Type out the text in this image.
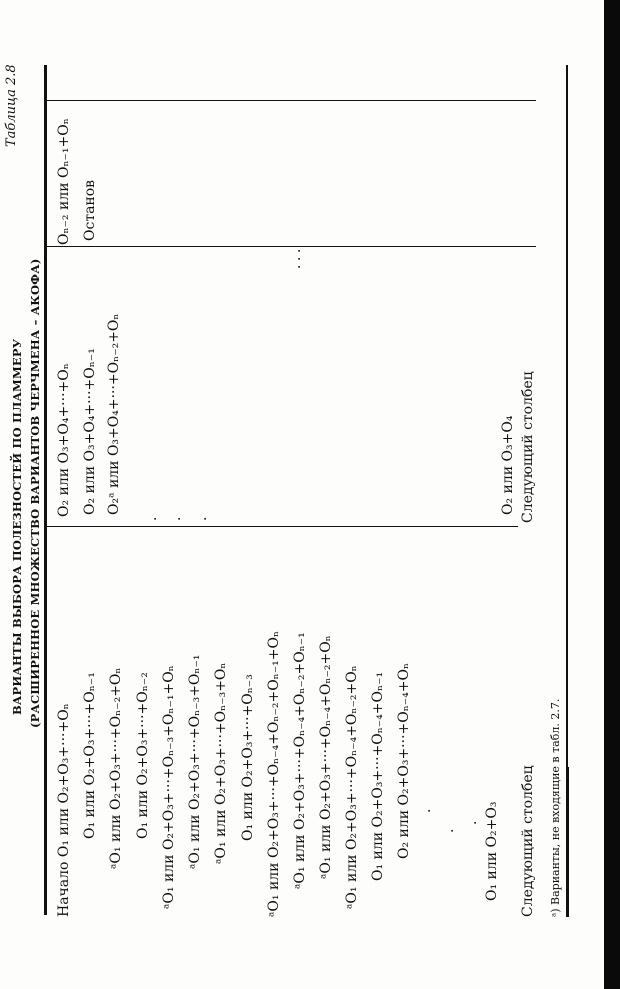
Таблица 2.8
ВАРИАНТЫ ВЫБОРА ПОЛЕЗНОСТЕЙ ПО ПЛАММЕРУ (РАСШИРЕННОЕ МНОЖЕСТВО ВАРИАНТОВ ЧЕРЧМЕНА – АКОФА)
Начало O₁ или O₂+O₃+···+Oₙ O₁ или O₂+O₃+···+Oₙ₋₁ ᵃO₁ или O₂+O₃+···+Oₙ₋₂+Oₙ O₁ или O₂+O₃+···+Oₙ₋₂ ᵃO₁ или O₂+O₃+···+Oₙ₋₃+Oₙ₋₁+Oₙ ᵃO₁ или O₂+O₃+···+Oₙ₋₃+Oₙ₋₁ ᵃO₁ или O₂+O₃+···+Oₙ₋₃+Oₙ O₁ или O₂+O₃+···+Oₙ₋₃ ᵃO₁ или O₂+O₃+···+Oₙ₋₄+Oₙ₋₂+Oₙ₋₁+Oₙ ᵃO₁ или O₂+O₃+···+Oₙ₋₄+Oₙ₋₂+Oₙ₋₁ ᵃO₁ или O₂+O₃+···+Oₙ₋₄+Oₙ₋₂+Oₙ ᵃO₁ или O₂+O₃+···+Oₙ₋₄+Oₙ₋₂+Oₙ O₁ или O₂+O₃+···+Oₙ₋₄+Oₙ₋₁ O₂ или O₂+O₃+···+Oₙ₋₄+Oₙ ·
·
· O₁ или O₂+O₃ Следующий столбец
O₂ или O₃+O₄+···+Oₙ O₂ или O₃+O₄+···+Oₙ₋₁ O₂ᵃ или O₃+O₄+···+Oₙ₋₂+Oₙ
· · ·
O₂ или O₃+O₄ Следующий столбец
·
·
·
Oₙ₋₂ или Oₙ₋₁+Oₙ Останов
ᵃ) Варианты, не входящие в табл. 2.7.
